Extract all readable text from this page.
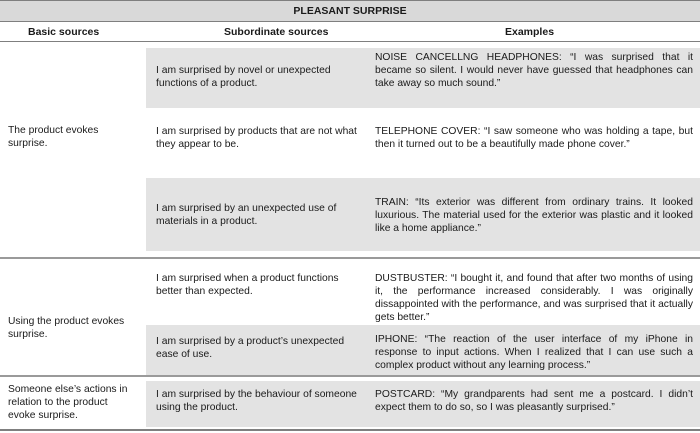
PLEASANT SURPRISE
Basic sources	Subordinate sources	Examples
The product evokes surprise.
I am surprised by novel or unexpected functions of a product.
NOISE CANCELLNG HEADPHONES: “I was surprised that it became so silent. I would never have guessed that headphones can take away so much sound.”
I am surprised by products that are not what they appear to be.
TELEPHONE COVER: “I saw someone who was holding a tape, but then it turned out to be a beautifully made phone cover.”
I am surprised by an unexpected use of materials in a product.
TRAIN: “Its exterior was different from ordinary trains. It looked luxurious. The material used for the exterior was plastic and it looked like a home appliance.”
Using the product evokes surprise.
I am surprised when a product functions better than expected.
DUSTBUSTER: “I bought it, and found that after two months of using it, the performance increased considerably. I was originally dissappointed with the performance, and was surprised that it actually gets better.”
I am surprised by a product’s unexpected ease of use.
IPHONE: “The reaction of the user interface of my iPhone in response to input actions. When I realized that I can use such a complex product without any learning process.”
Someone else’s actions in relation to the product evoke surprise.
I am surprised by the behaviour of someone using the product.
POSTCARD: “My grandparents had sent me a postcard. I didn’t expect them to do so, so I was pleasantly surprised.”
